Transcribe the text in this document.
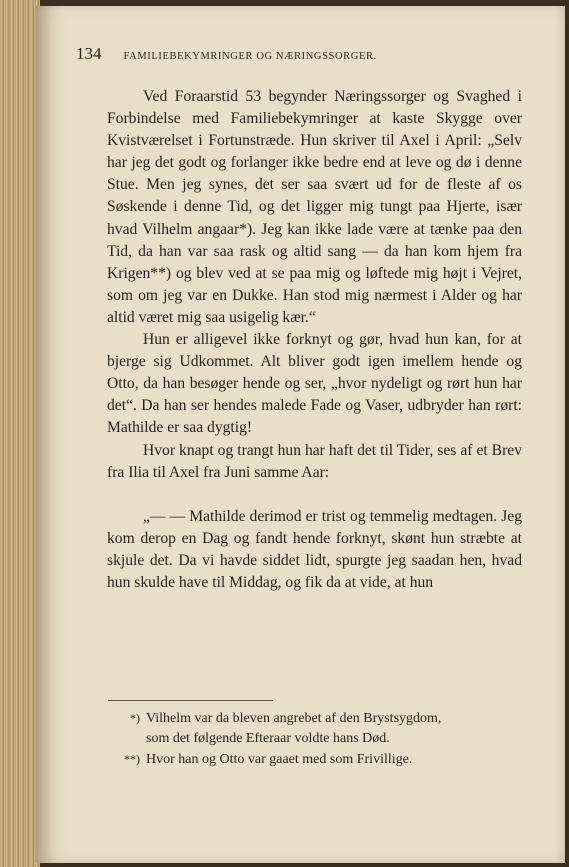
134 FAMILIEBEKYMRINGER OG NÆRINGSSORGER.

Ved Foraarstid 53 begynder Næringssorger og Svaghed i Forbindelse med Familiebekymringer at kaste Skygge over Kvistværelset i Fortunstræde. Hun skriver til Axel i April: „Selv har jeg det godt og forlanger ikke bedre end at leve og dø i denne Stue. Men jeg synes, det ser saa svært ud for de fleste af os Søskende i denne Tid, og det ligger mig tungt paa Hjerte, især hvad Vilhelm angaar*). Jeg kan ikke lade være at tænke paa den Tid, da han var saa rask og altid sang — da han kom hjem fra Krigen**) og blev ved at se paa mig og løftede mig højt i Vejret, som om jeg var en Dukke. Han stod mig nærmest i Alder og har altid været mig saa usigelig kær.“

Hun er alligevel ikke forknyt og gør, hvad hun kan, for at bjerge sig Udkommet. Alt bliver godt igen imellem hende og Otto, da han besøger hende og ser, „hvor nydeligt og rørt hun har det“. Da han ser hendes malede Fade og Vaser, udbryder han rørt: Mathilde er saa dygtig!

Hvor knapt og trangt hun har haft det til Tider, ses af et Brev fra Ilia til Axel fra Juni samme Aar:

„— — Mathilde derimod er trist og temmelig medtagen. Jeg kom derop en Dag og fandt hende forknyt, skønt hun stræbte at skjule det. Da vi havde siddet lidt, spurgte jeg saadan hen, hvad hun skulde have til Middag, og fik da at vide, at hun

*) Vilhelm var da bleven angrebet af den Brystsygdom,
som det følgende Efteraar voldte hans Død.
**) Hvor han og Otto var gaaet med som Frivillige.
